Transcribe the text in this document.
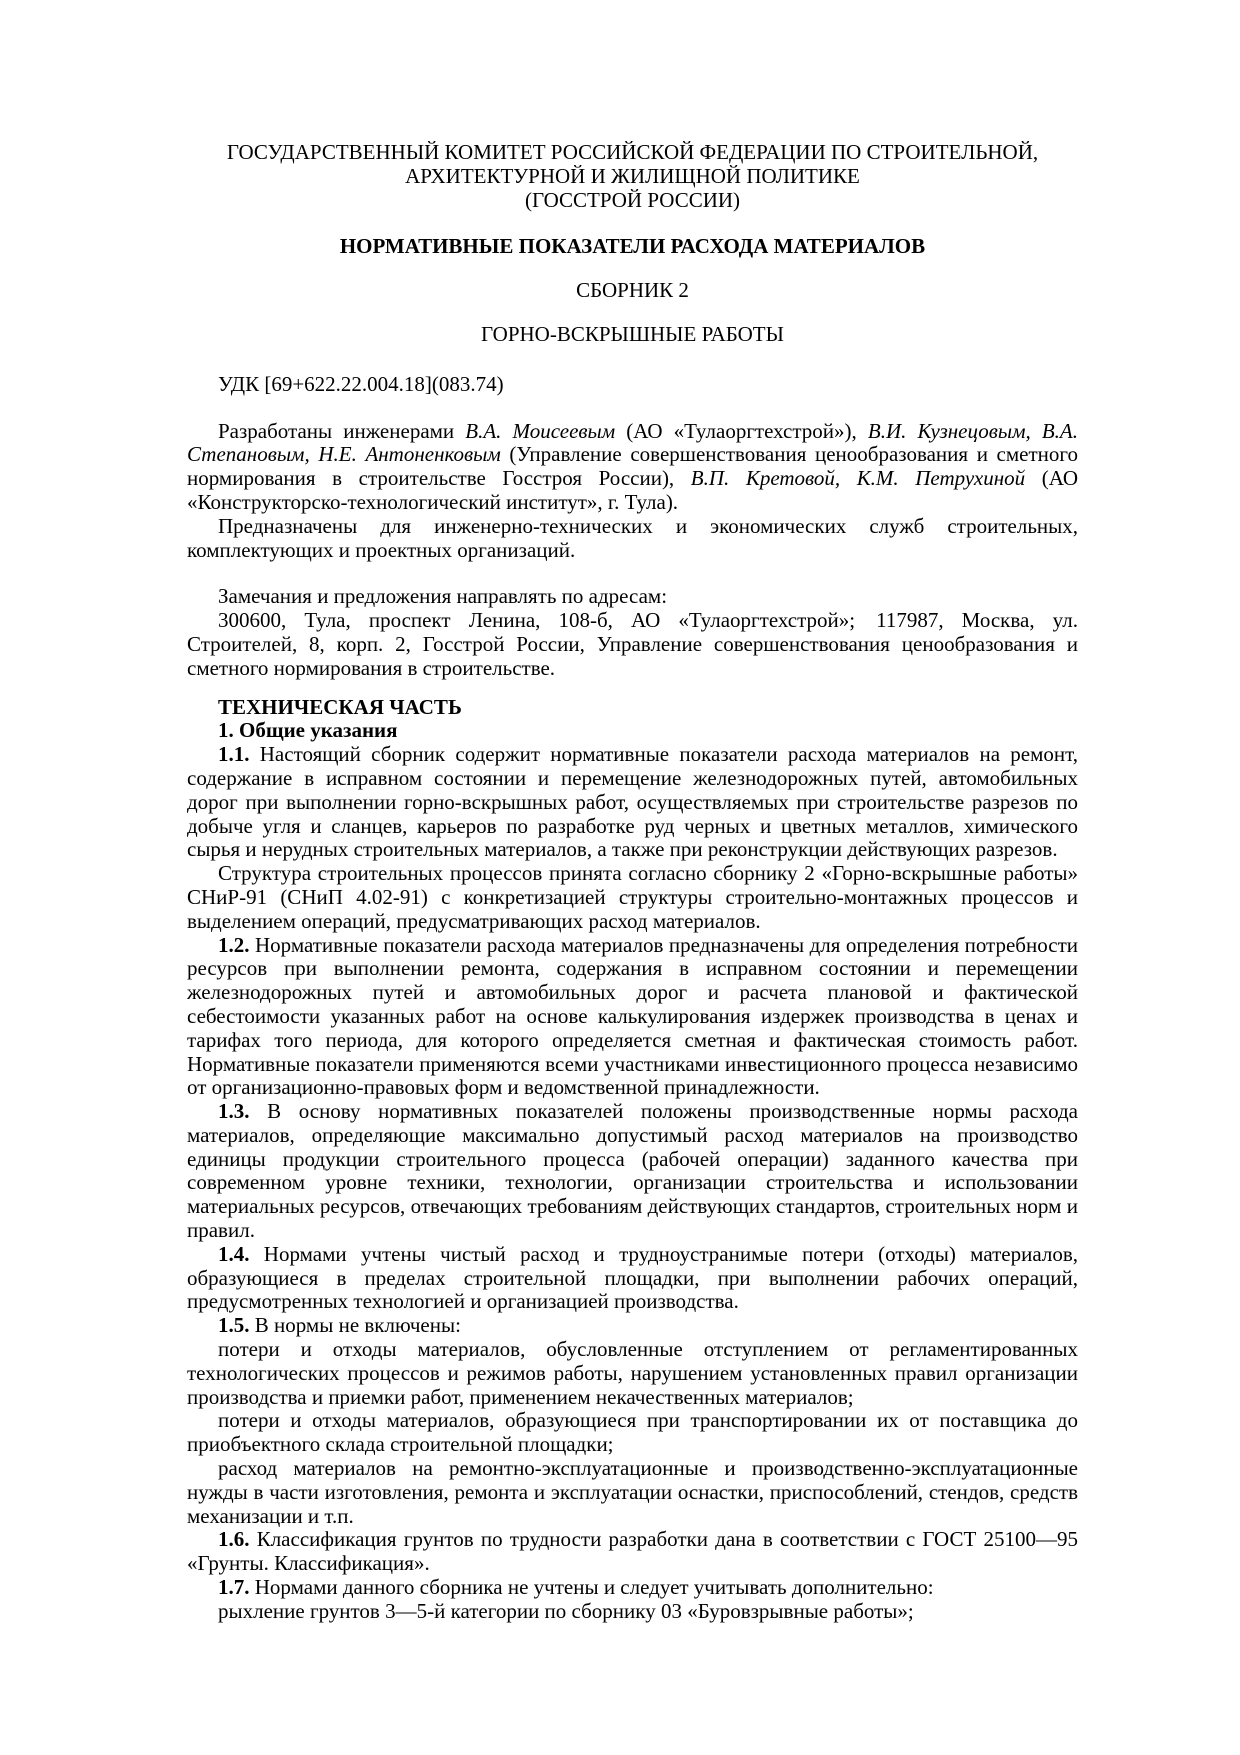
ГОСУДАРСТВЕННЫЙ КОМИТЕТ РОССИЙСКОЙ ФЕДЕРАЦИИ ПО СТРОИТЕЛЬНОЙ,
АРХИТЕКТУРНОЙ И ЖИЛИЩНОЙ ПОЛИТИКЕ
(ГОССТРОЙ РОССИИ)
НОРМАТИВНЫЕ ПОКАЗАТЕЛИ РАСХОДА МАТЕРИАЛОВ
СБОРНИК 2
ГОРНО-ВСКРЫШНЫЕ РАБОТЫ
УДК [69+622.22.004.18](083.74)

Разработаны инженерами В.А. Моисеевым (АО «Тулаоргтехстрой»), В.И. Кузнецовым, В.А. Степановым, Н.Е. Антоненковым (Управление совершенствования ценообразования и сметного нормирования в строительстве Госстроя России), В.П. Кретовой, К.М. Петрухиной (АО «Конструкторско-технологический институт», г. Тула).

Предназначены для инженерно-технических и экономических служб строительных, комплектующих и проектных организаций.

Замечания и предложения направлять по адресам:

300600, Тула, проспект Ленина, 108-б, АО «Тулаоргтехстрой»;  117987, Москва, ул. Строителей, 8, корп. 2, Госстрой России, Управление совершенствования ценообразования и сметного нормирования в строительстве.

ТЕХНИЧЕСКАЯ ЧАСТЬ
1. Общие указания

1.1. Настоящий сборник содержит нормативные показатели расхода материалов на ремонт, содержание в исправном состоянии и перемещение железнодорожных путей, автомобильных дорог при выполнении горно-вскрышных работ, осуществляемых при строительстве разрезов по добыче угля и сланцев, карьеров по разработке руд черных и цветных металлов, химического сырья и нерудных строительных материалов, а также при реконструкции действующих разрезов.

Структура строительных процессов принята согласно сборнику 2 «Горно-вскрышные работы» СНиР-91 (СНиП 4.02-91) с конкретизацией структуры строительно-монтажных процессов и выделением операций, предусматривающих расход материалов.

1.2. Нормативные показатели расхода материалов предназначены для определения потребности ресурсов при выполнении ремонта, содержания в исправном состоянии и перемещении железнодорожных путей и автомобильных дорог и расчета плановой и фактической себестоимости указанных работ на основе калькулирования издержек производства в ценах и тарифах того периода, для которого определяется сметная и фактическая стоимость работ. Нормативные показатели применяются всеми участниками инвестиционного процесса независимо от организационно-правовых форм и ведомственной принадлежности.

1.3. В основу нормативных показателей положены производственные нормы расхода материалов, определяющие максимально допустимый расход материалов на производство единицы продукции строительного процесса (рабочей операции) заданного качества при современном уровне техники, технологии, организации строительства и использовании материальных ресурсов, отвечающих требованиям действующих стандартов, строительных норм и правил.

1.4. Нормами учтены чистый расход и трудноустранимые потери (отходы) материалов, образующиеся в пределах строительной площадки, при выполнении рабочих операций, предусмотренных технологией и организацией производства.

1.5. В нормы не включены:

потери и отходы материалов, обусловленные отступлением от регламентированных технологических процессов и режимов работы, нарушением установленных правил организации производства и приемки работ, применением некачественных материалов;

потери и отходы материалов, образующиеся при транспортировании их от поставщика до приобъектного склада строительной площадки;

расход материалов на ремонтно-эксплуатационные и производственно-эксплуатационные нужды в части изготовления, ремонта и эксплуатации оснастки, приспособлений, стендов, средств механизации и т.п.

1.6. Классификация грунтов по трудности разработки дана в соответствии с ГОСТ 25100—95 «Грунты. Классификация».

1.7. Нормами данного сборника не учтены и следует учитывать дополнительно:

рыхление грунтов 3—5-й категории по сборнику 03 «Буровзрывные работы»;
